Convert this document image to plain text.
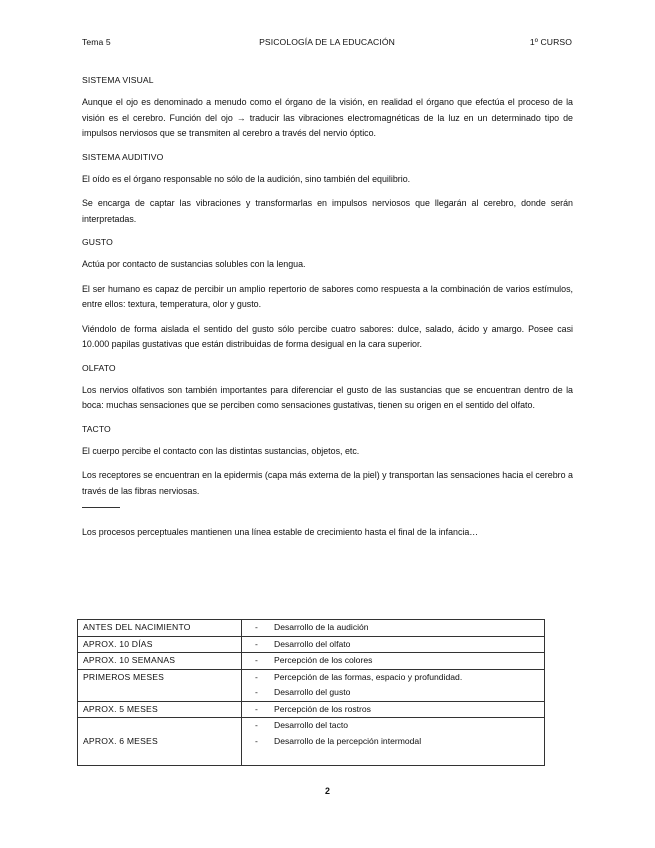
Tema 5	PSICOLOGÍA DE LA EDUCACIÓN	1º CURSO
SISTEMA VISUAL

Aunque el ojo es denominado a menudo como el órgano de la visión, en realidad el órgano que efectúa el proceso de la visión es el cerebro. Función del ojo → traducir las vibraciones electromagnéticas de la luz en un determinado tipo de impulsos nerviosos que se transmiten al cerebro a través del nervio óptico.

SISTEMA AUDITIVO

El oído es el órgano responsable no sólo de la audición, sino también del equilibrio.

Se encarga de captar las vibraciones y transformarlas en impulsos nerviosos que llegarán al cerebro, donde serán interpretadas.

GUSTO

Actúa por contacto de sustancias solubles con la lengua.

El ser humano es capaz de percibir un amplio repertorio de sabores como respuesta a la combinación de varios estímulos, entre ellos: textura, temperatura, olor y gusto.

Viéndolo de forma aislada el sentido del gusto sólo percibe cuatro sabores: dulce, salado, ácido y amargo. Posee casi 10.000 papilas gustativas que están distribuidas de forma desigual en la cara superior.

OLFATO

Los nervios olfativos son también importantes para diferenciar el gusto de las sustancias que se encuentran dentro de la boca: muchas sensaciones que se perciben como sensaciones gustativas, tienen su origen en el sentido del olfato.

TACTO

El cuerpo percibe el contacto con las distintas sustancias, objetos, etc.

Los receptores se encuentran en la epidermis (capa más externa de la piel) y transportan las sensaciones hacia el cerebro a través de las fibras nerviosas.

Los procesos perceptuales mantienen una línea estable de crecimiento hasta el final de la infancia…

ANTES DEL NACIMIENTO	- Desarrollo de la audición

APROX. 10 DÍAS	- Desarrollo del olfato

APROX. 10 SEMANAS	- Percepción de los colores

PRIMEROS MESES	- Percepción de las formas, espacio y profundidad.
- Desarrollo del gusto

APROX. 5 MESES	- Percepción de los rostros

APROX. 6 MESES	- Desarrollo del tacto
- Desarrollo de la percepción intermodal
2
